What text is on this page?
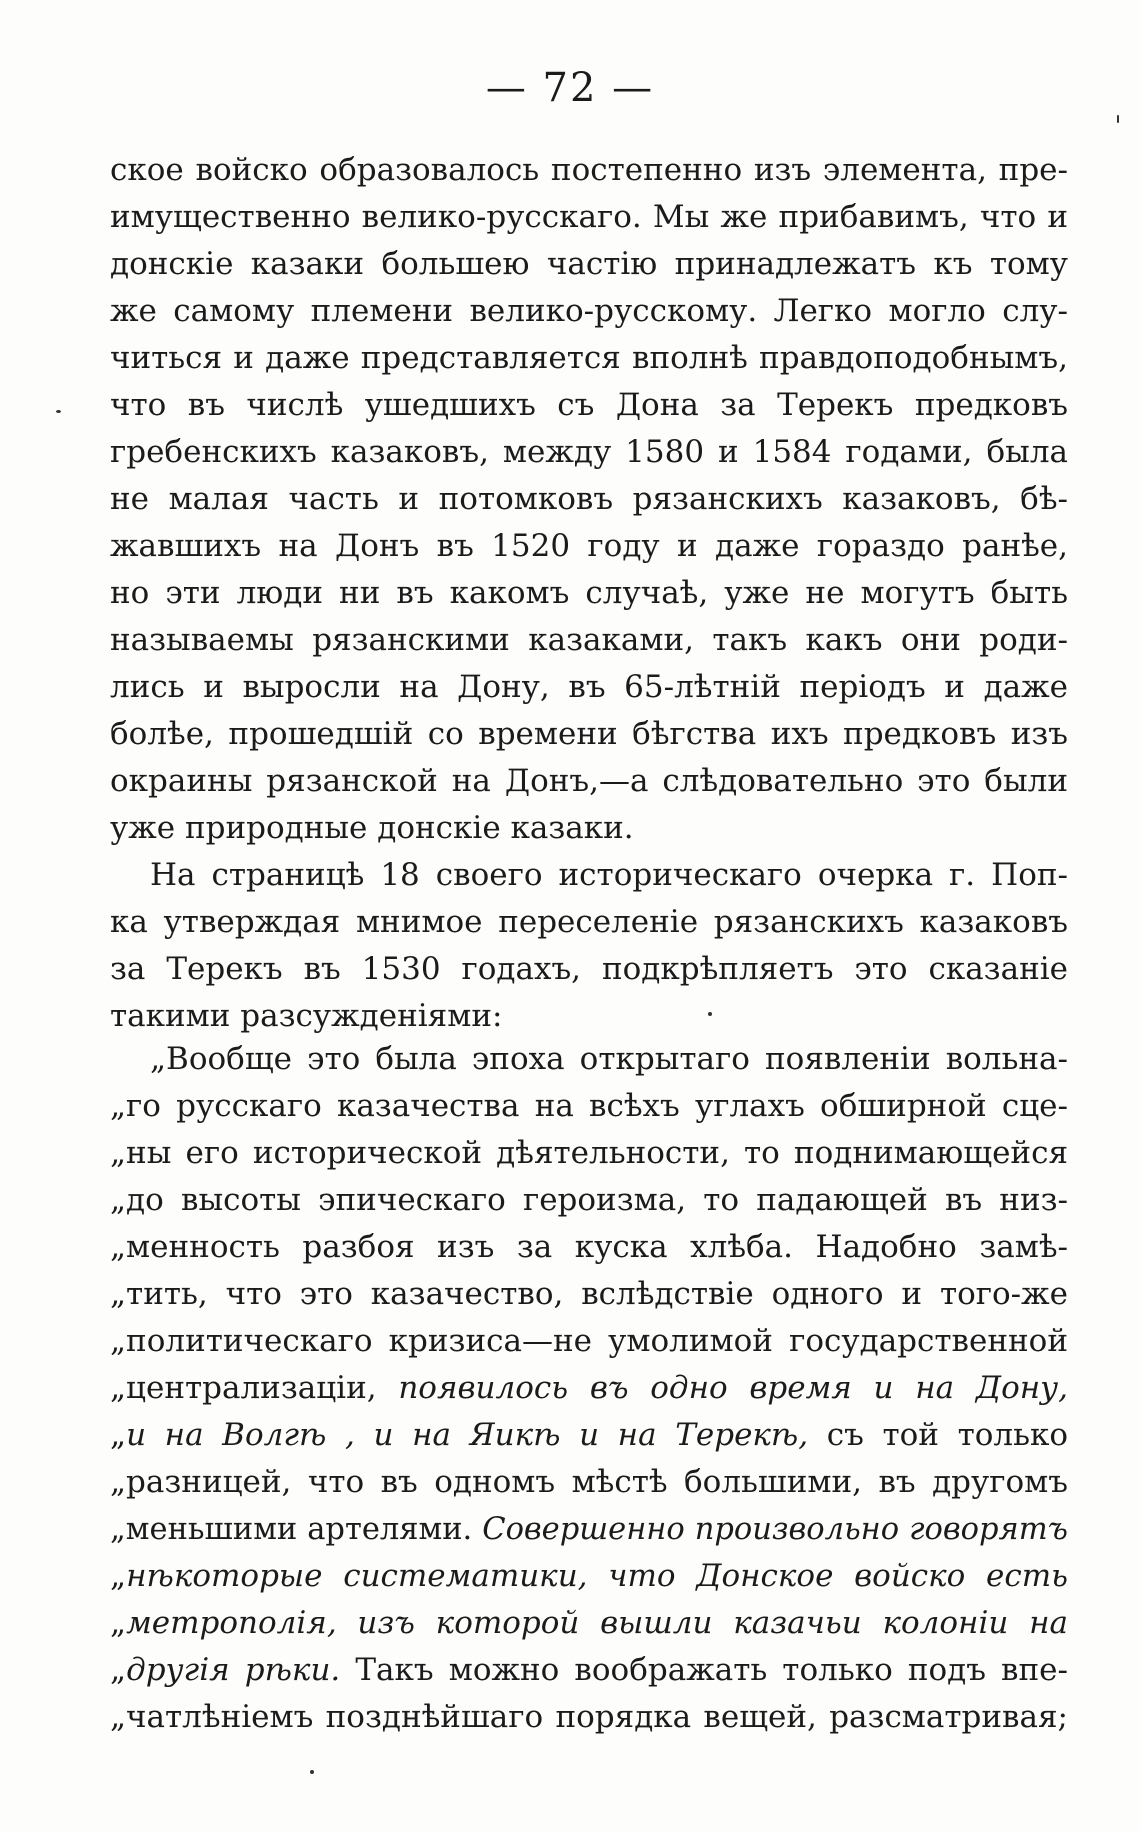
— 72 —
ское войско образовалось постепенно изъ элемента, пре-
имущественно велико-русскаго. Мы же прибавимъ, что и
донскіе казаки большею частію принадлежатъ къ тому
же самому племени велико-русскому. Легко могло слу-
читься и даже представляется вполнѣ правдоподобнымъ,
что въ числѣ ушедшихъ съ Дона за Терекъ предковъ
гребенскихъ казаковъ, между 1580 и 1584 годами, была
не малая часть и потомковъ рязанскихъ казаковъ, бѣ-
жавшихъ на Донъ въ 1520 году и даже гораздо ранѣе,
но эти люди ни въ какомъ случаѣ, уже не могутъ быть
называемы рязанскими казаками, такъ какъ они роди-
лись и выросли на Дону, въ 65-лѣтній періодъ и даже
болѣе, прошедшій со времени бѣгства ихъ предковъ изъ
окраины рязанской на Донъ,—а слѣдовательно это были
уже природные донскіе казаки.
На страницѣ 18 своего историческаго очерка г. Поп-
ка утверждая мнимое переселеніе рязанскихъ казаковъ
за Терекъ въ 1530 годахъ, подкрѣпляетъ это сказаніе
такими разсужденіями:
„Вообще это была эпоха открытаго появленіи вольна-
„го русскаго казачества на всѣхъ углахъ обширной сце-
„ны его исторической дѣятельности, то поднимающейся
„до высоты эпическаго героизма, то падающей въ низ-
„менность разбоя изъ за куска хлѣба. Надобно замѣ-
„тить, что это казачество, вслѣдствіе одного и того-же
„политическаго кризиса—не умолимой государственной
„централизаціи, появилось въ одно время и на Дону,
„и на Волгѣ , и на Яикѣ и на Терекѣ, съ той только
„разницей, что въ одномъ мѣстѣ большими, въ другомъ
„меньшими артелями. Совершенно произвольно говорятъ
„нѣкоторые систематики, что Донское войско есть
„метрополія, изъ которой вышли казачьи колоніи на
„другія рѣки. Такъ можно воображать только подъ впе-
„чатлѣніемъ позднѣйшаго порядка вещей, разсматривая;
